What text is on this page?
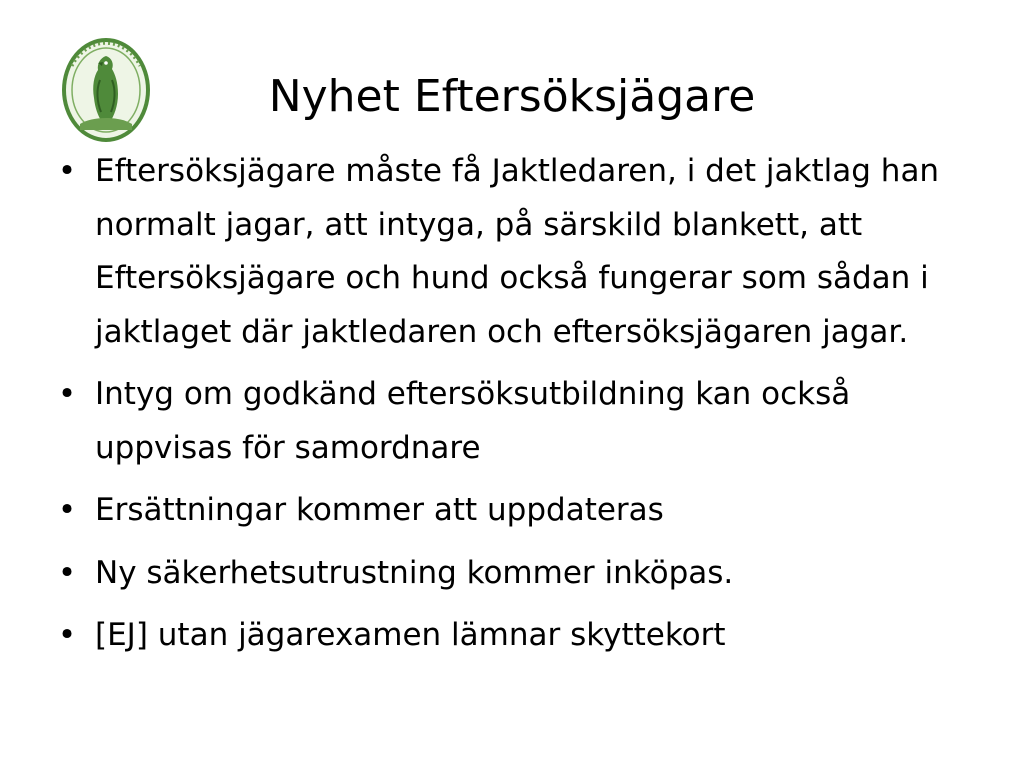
Nyhet Eftersöksjägare
• Eftersöksjägare måste få Jaktledaren, i det jaktlag han normalt jagar, att intyga, på särskild blankett, att Eftersöksjägare och hund också fungerar som sådan i jaktlaget där jaktledaren och eftersöksjägaren jagar.
• Intyg om godkänd eftersöksutbildning kan också uppvisas för samordnare
• Ersättningar kommer att uppdateras
• Ny säkerhetsutrustning kommer inköpas.
• [EJ] utan jägarexamen lämnar skyttekort
